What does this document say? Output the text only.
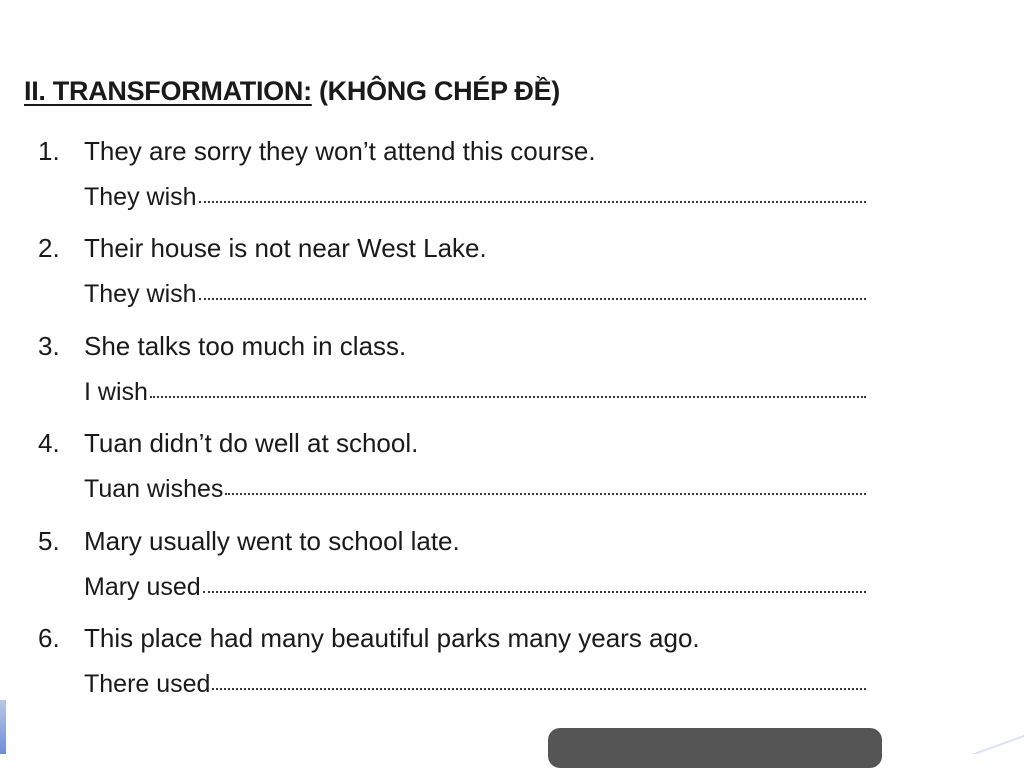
II. TRANSFORMATION: (KHÔNG CHÉP ĐỀ)
1. They are sorry they won’t attend this course.
They wish
2. Their house is not near West Lake.
They wish
3. She talks too much in class.
I wish
4. Tuan didn’t do well at school.
Tuan wishes
5. Mary usually went to school late.
Mary used
6. This place had many beautiful parks many years ago.
There used
